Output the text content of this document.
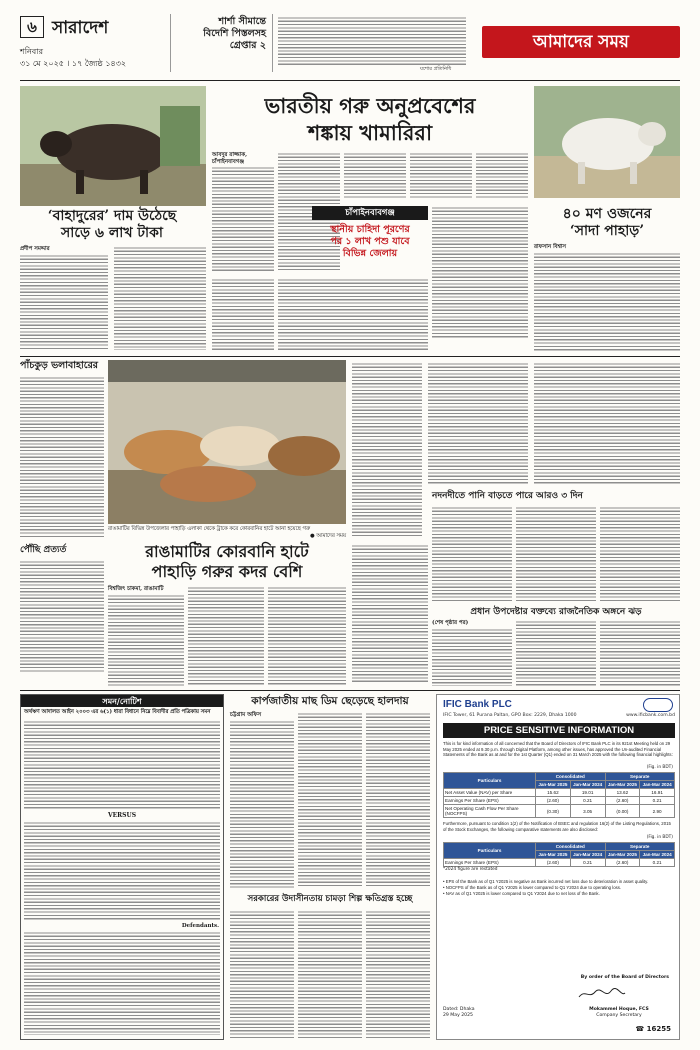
৬ সারাদেশ
শনিবার
৩১ মে ২০২৫ । ১৭ জ্যৈষ্ঠ ১৪৩২
শার্শা সীমান্তে
বিদেশি পিস্তলসহ
গ্রেপ্তার ২
যশোর প্রতিনিধি
আমাদের সময়
‘বাহাদুরের’ দাম উঠেছে
সাড়ে ৬ লাখ টাকা
প্রদীপ সমদ্দার
ভারতীয় গরু অনুপ্রবেশের
শঙ্কায় খামারিরা
আবদুর রাজ্জাক, চাঁপাইনবাবগঞ্জ
চাঁপাইনবাবগঞ্জ
স্থানীয় চাহিদা পূরণের
পর ১ লাখ পশু যাবে
বিভিন্ন জেলায়
৪০ মণ ওজনের
‘সাদা পাহাড়’
রাফসান বিশ্বাস
পাঁচকুড় ভলাবাহারের
রাঙামাটির বিভিন্ন উপজেলার পাহাড়ি এলাকা থেকে ট্রাকে করে কোরবানির হাটে আনা হয়েছে গরু
● আমাদের সময়
নদনদীতে পানি বাড়তে পারে আরও ৩ দিন
পৌঁছি প্রত্যর্ত	রাঙামাটির কোরবানি হাটে
পাহাড়ি গরুর কদর বেশি
বিশ্বজিৎ চাকমা, রাঙামাটি
প্রধান উপদেষ্টার বক্তব্যে রাজনৈতিক অঙ্গনে ঝড়
(শেষ পৃষ্ঠার পর)
সমন/নোটিশ
অর্থঋণ আদালত আইন ২০০৩ এর ৬(১) ধারা বিধানে নিম্নে বিবাদীর প্রতি পত্রিকায় সমন
VERSUS
Defendants.
কার্পজাতীয় মাছ ডিম ছেড়েছে হালদায়
চট্টগ্রাম অফিস
সরকারের উদাসীনতায় চামড়া শিল্প ক্ষতিগ্রস্ত হচ্ছে
IFIC Bank PLC
IFIC Tower, 61 Purana Paltan, GPO Box: 2229, Dhaka 1000	www.ificbank.com.bd
PRICE SENSITIVE INFORMATION
This is for kind information of all concerned that the Board of Directors of IFIC Bank PLC in its 921st Meeting held on 29 May 2025 ended at 9.30 p.m. through Digital Platform, among other issues, has approved the Un-audited Financial Statements of the Bank as at and for the 1st Quarter (Q1) ended on 31 March 2025 with the following financial highlights:
(Fig. in BDT)
Particulars	Consolidated		Separate	
	Jan-Mar 2025	Jan-Mar 2024	Jan-Mar 2025	Jan-Mar 2024
Net Asset Value (NAV) per Share	15.62	19.01	13.62	16.91
Earnings Per Share (EPS)	(2.60)	0.21	(2.60)	0.21
Net Operating Cash Flow Per Share (NOCFPS)	(0.30)	3.05	(0.00)	2.90
Furthermore, pursuant to condition 1(2) of the Notification of BSEC and regulation 16(2) of the Listing Regulations, 2015 of the Stock Exchanges, the following comparative statements are also disclosed:
(Fig. in BDT)
Particulars	Consolidated		Separate	
	Jan-Mar 2025	Jan-Mar 2024	Jan-Mar 2025	Jan-Mar 2024
Earnings Per Share (EPS)	(2.60)	0.21	(2.60)	0.21
*2024 figure are restated
• EPS of the Bank as of Q1 Y2025 is negative as Bank incurred net loss due to deterioration in asset quality.
• NOCFPS of the Bank as of Q1 Y2025 is lower compared to Q1 Y2024 due to operating loss.
• NAV as of Q1 Y2025 is lower compared to Q1 Y2024 due to net loss of the Bank.
By order of the Board of Directors
Dated: Dhaka
29 May 2025
Mokammel Hoque, FCS
Company Secretary
☎ 16255
